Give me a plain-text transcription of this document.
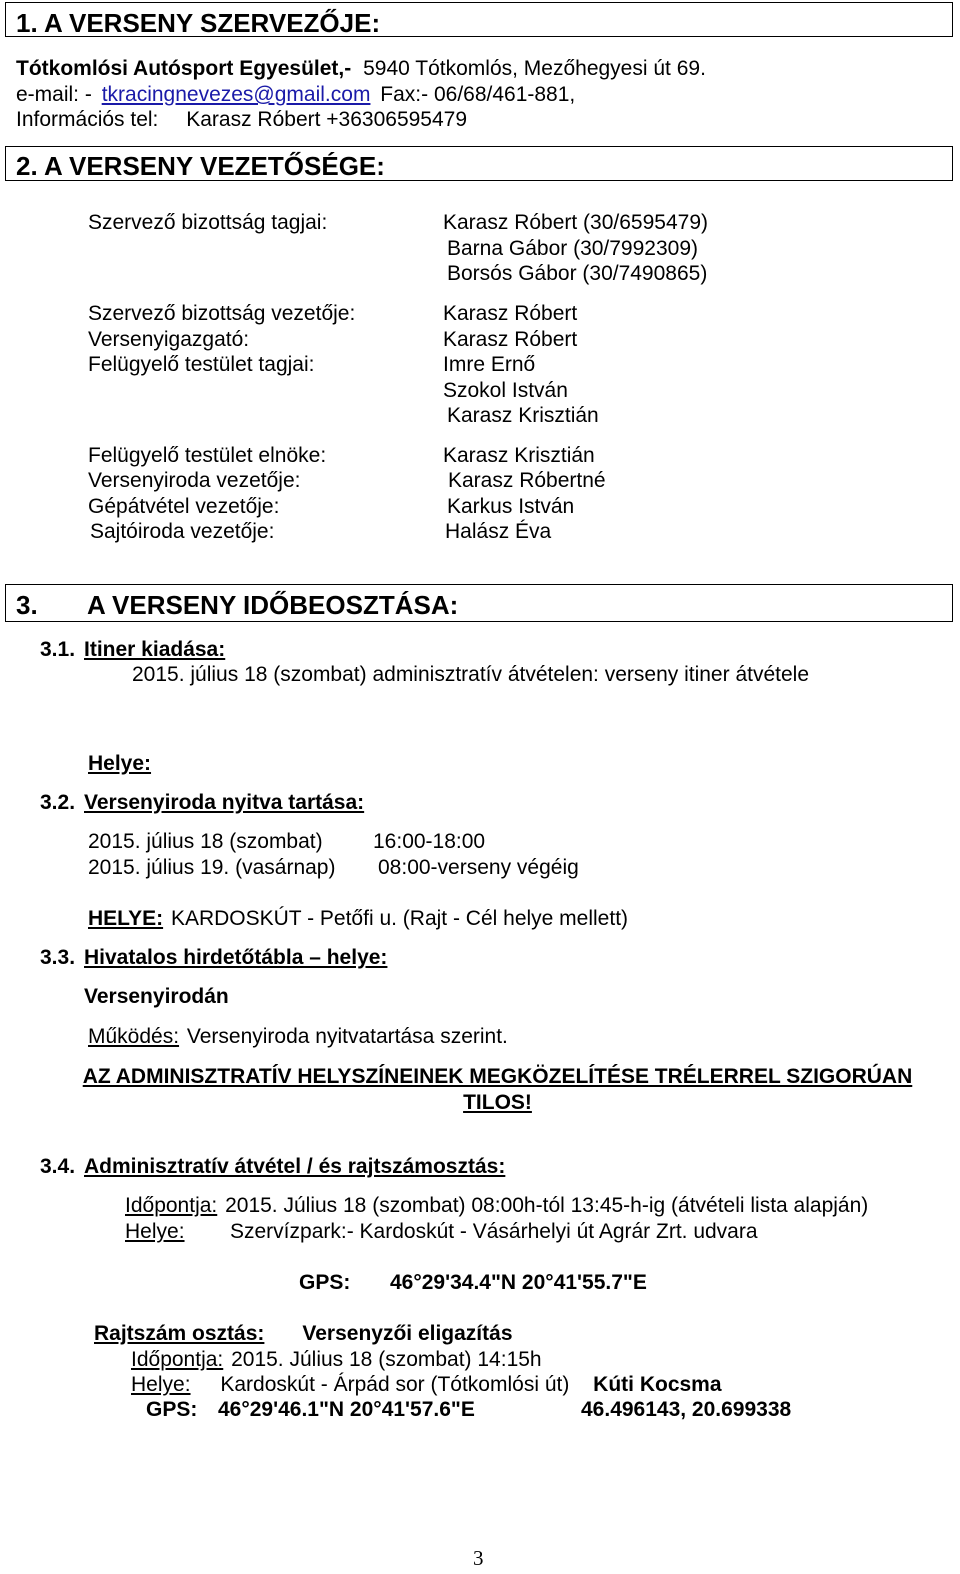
1. A VERSENY SZERVEZŐJE:
Tótkomlósi Autósport Egyesület,- 5940 Tótkomlós, Mezőhegyesi út 69.
e-mail: - tkracingnevezes@gmail.com Fax:- 06/68/461-881,
Információs tel: Karasz Róbert +36306595479
2. A VERSENY VEZETŐSÉGE:
Szervező bizottság tagjai:	Karasz Róbert (30/6595479)
Barna Gábor (30/7992309)
Borsós Gábor (30/7490865)
Szervező bizottság vezetője:	Karasz Róbert
Versenyigazgató:	Karasz Róbert
Felügyelő testület tagjai:	Imre Ernő
Szokol István
Karasz Krisztián
Felügyelő testület elnöke:	Karasz Krisztián
Versenyiroda vezetője:	Karasz Róbertné
Gépátvétel vezetője:	Karkus István
Sajtóiroda vezetője:	Halász Éva
3. A VERSENY IDŐBEOSZTÁSA:
3.1. Itiner kiadása:
2015. július 18 (szombat) adminisztratív átvételen: verseny itiner átvétele
Helye:
3.2. Versenyiroda nyitva tartása:
2015. július 18 (szombat) 16:00-18:00
2015. július 19. (vasárnap) 08:00-verseny végéig
HELYE: KARDOSKÚT - Petőfi u. (Rajt - Cél helye mellett)
3.3. Hivatalos hirdetőtábla – helye:
Versenyirodán
Működés: Versenyiroda nyitvatartása szerint.
AZ ADMINISZTRATÍV HELYSZÍNEINEK MEGKÖZELÍTÉSE TRÉLERREL SZIGORÚAN
TILOS!
3.4. Adminisztratív átvétel / és rajtszámosztás:
Időpontja: 2015. Július 18 (szombat) 08:00h-tól 13:45-h-ig (átvételi lista alapján)
Helye: Szervízpark:- Kardoskút - Vásárhelyi út Agrár Zrt. udvara
GPS: 46°29'34.4"N 20°41'55.7"E
Rajtszám osztás: Versenyzői eligazítás
Időpontja: 2015. Július 18 (szombat) 14:15h
Helye: Kardoskút - Árpád sor (Tótkomlósi út) Kúti Kocsma
GPS: 46°29'46.1"N 20°41'57.6"E	46.496143, 20.699338
3
